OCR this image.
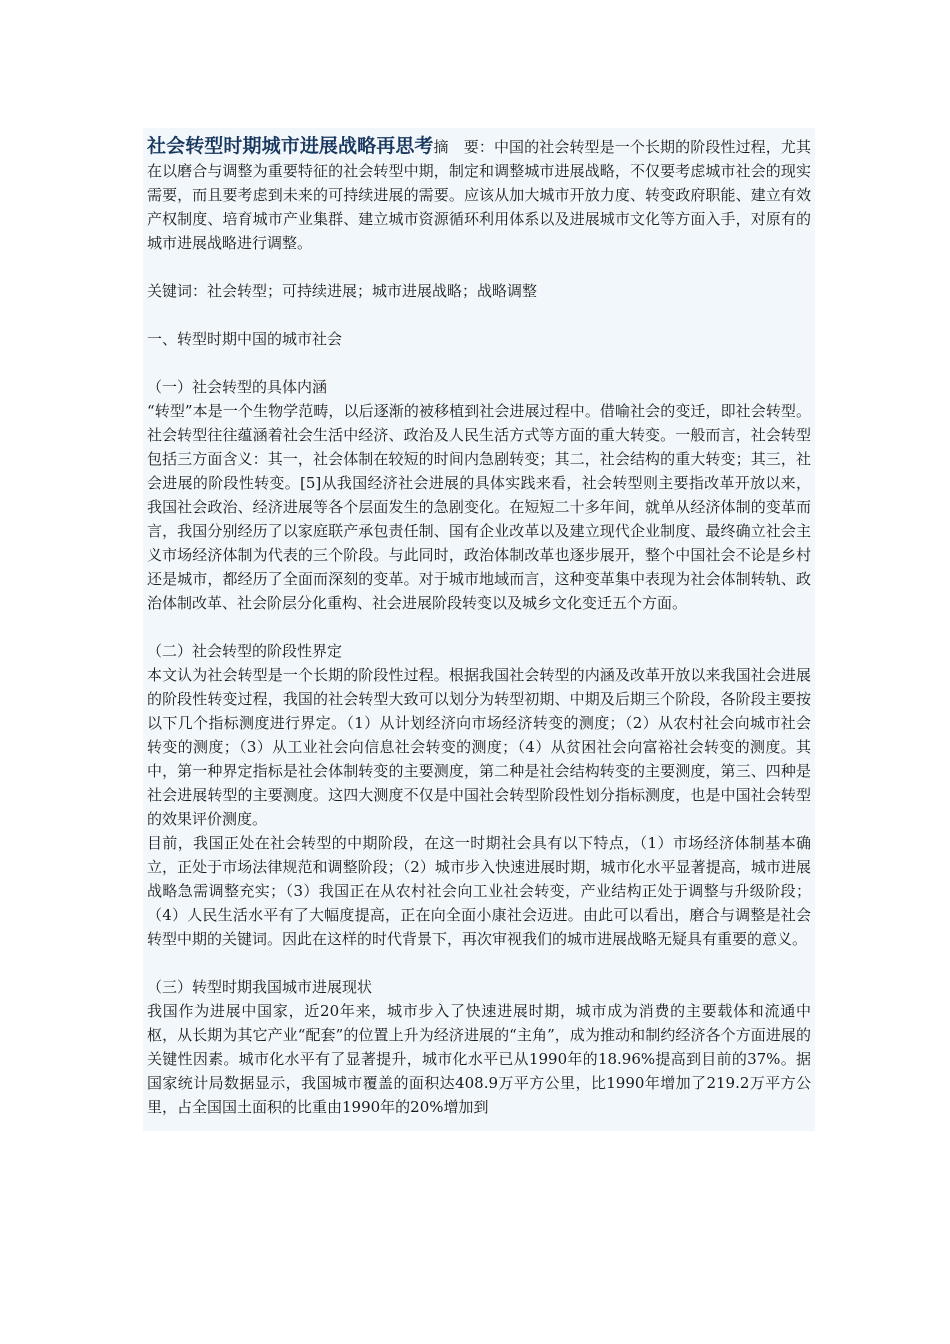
社会转型时期城市进展战略再思考摘　要：中国的社会转型是一个长期的阶段性过程，尤其在以磨合与调整为重要特征的社会转型中期，制定和调整城市进展战略，不仅要考虑城市社会的现实需要，而且要考虑到未来的可持续进展的需要。应该从加大城市开放力度、转变政府职能、建立有效产权制度、培育城市产业集群、建立城市资源循环利用体系以及进展城市文化等方面入手，对原有的城市进展战略进行调整。

关键词：社会转型；可持续进展；城市进展战略；战略调整

一、转型时期中国的城市社会

（一）社会转型的具体内涵

“转型”本是一个生物学范畴，以后逐渐的被移植到社会进展过程中。借喻社会的变迁，即社会转型。社会转型往往蕴涵着社会生活中经济、政治及人民生活方式等方面的重大转变。一般而言，社会转型包括三方面含义：其一，社会体制在较短的时间内急剧转变；其二，社会结构的重大转变；其三，社会进展的阶段性转变。[5]从我国经济社会进展的具体实践来看，社会转型则主要指改革开放以来，我国社会政治、经济进展等各个层面发生的急剧变化。在短短二十多年间，就单从经济体制的变革而言，我国分别经历了以家庭联产承包责任制、国有企业改革以及建立现代企业制度、最终确立社会主义市场经济体制为代表的三个阶段。与此同时，政治体制改革也逐步展开，整个中国社会不论是乡村还是城市，都经历了全面而深刻的变革。对于城市地域而言，这种变革集中表现为社会体制转轨、政治体制改革、社会阶层分化重构、社会进展阶段转变以及城乡文化变迁五个方面。

（二）社会转型的阶段性界定

本文认为社会转型是一个长期的阶段性过程。根据我国社会转型的内涵及改革开放以来我国社会进展的阶段性转变过程，我国的社会转型大致可以划分为转型初期、中期及后期三个阶段，各阶段主要按以下几个指标测度进行界定。（1）从计划经济向市场经济转变的测度；（2）从农村社会向城市社会转变的测度；（3）从工业社会向信息社会转变的测度；（4）从贫困社会向富裕社会转变的测度。其中，第一种界定指标是社会体制转变的主要测度，第二种是社会结构转变的主要测度，第三、四种是社会进展转型的主要测度。这四大测度不仅是中国社会转型阶段性划分指标测度，也是中国社会转型的效果评价测度。

目前，我国正处在社会转型的中期阶段，在这一时期社会具有以下特点，（1）市场经济体制基本确立，正处于市场法律规范和调整阶段；（2）城市步入快速进展时期，城市化水平显著提高，城市进展战略急需调整充实；（3）我国正在从农村社会向工业社会转变，产业结构正处于调整与升级阶段；（4）人民生活水平有了大幅度提高，正在向全面小康社会迈进。由此可以看出，磨合与调整是社会转型中期的关键词。因此在这样的时代背景下，再次审视我们的城市进展战略无疑具有重要的意义。

（三）转型时期我国城市进展现状

我国作为进展中国家，近20年来，城市步入了快速进展时期，城市成为消费的主要载体和流通中枢，从长期为其它产业“配套”的位置上升为经济进展的“主角”，成为推动和制约经济各个方面进展的关键性因素。城市化水平有了显著提升，城市化水平已从1990年的18.96%提高到目前的37%。据国家统计局数据显示，我国城市覆盖的面积达408.9万平方公里，比1990年增加了219.2万平方公里，占全国国土面积的比重由1990年的20%增加到
